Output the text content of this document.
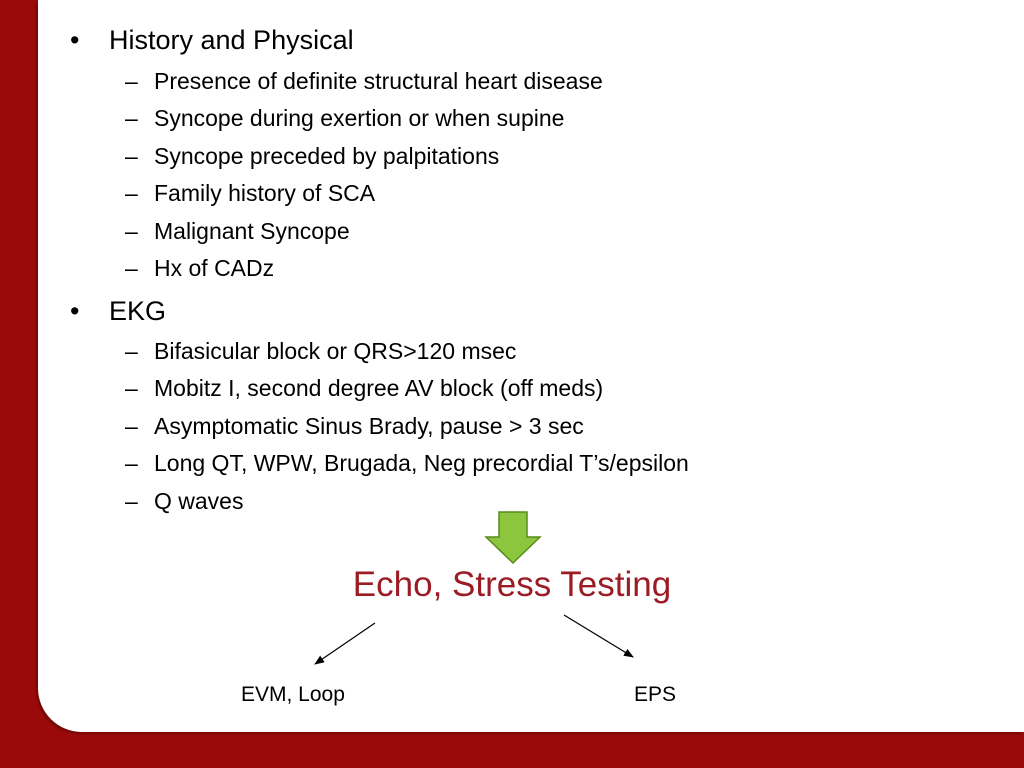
• History and Physical
– Presence of definite structural heart disease
– Syncope during exertion or when supine
– Syncope preceded by palpitations
– Family history of SCA
– Malignant Syncope
– Hx of CADz
• EKG
– Bifasicular block or QRS>120 msec
– Mobitz I, second degree AV block (off meds)
– Asymptomatic Sinus Brady, pause > 3 sec
– Long QT, WPW, Brugada, Neg precordial T’s/epsilon
– Q waves
Echo, Stress Testing
EVM, Loop	EPS
